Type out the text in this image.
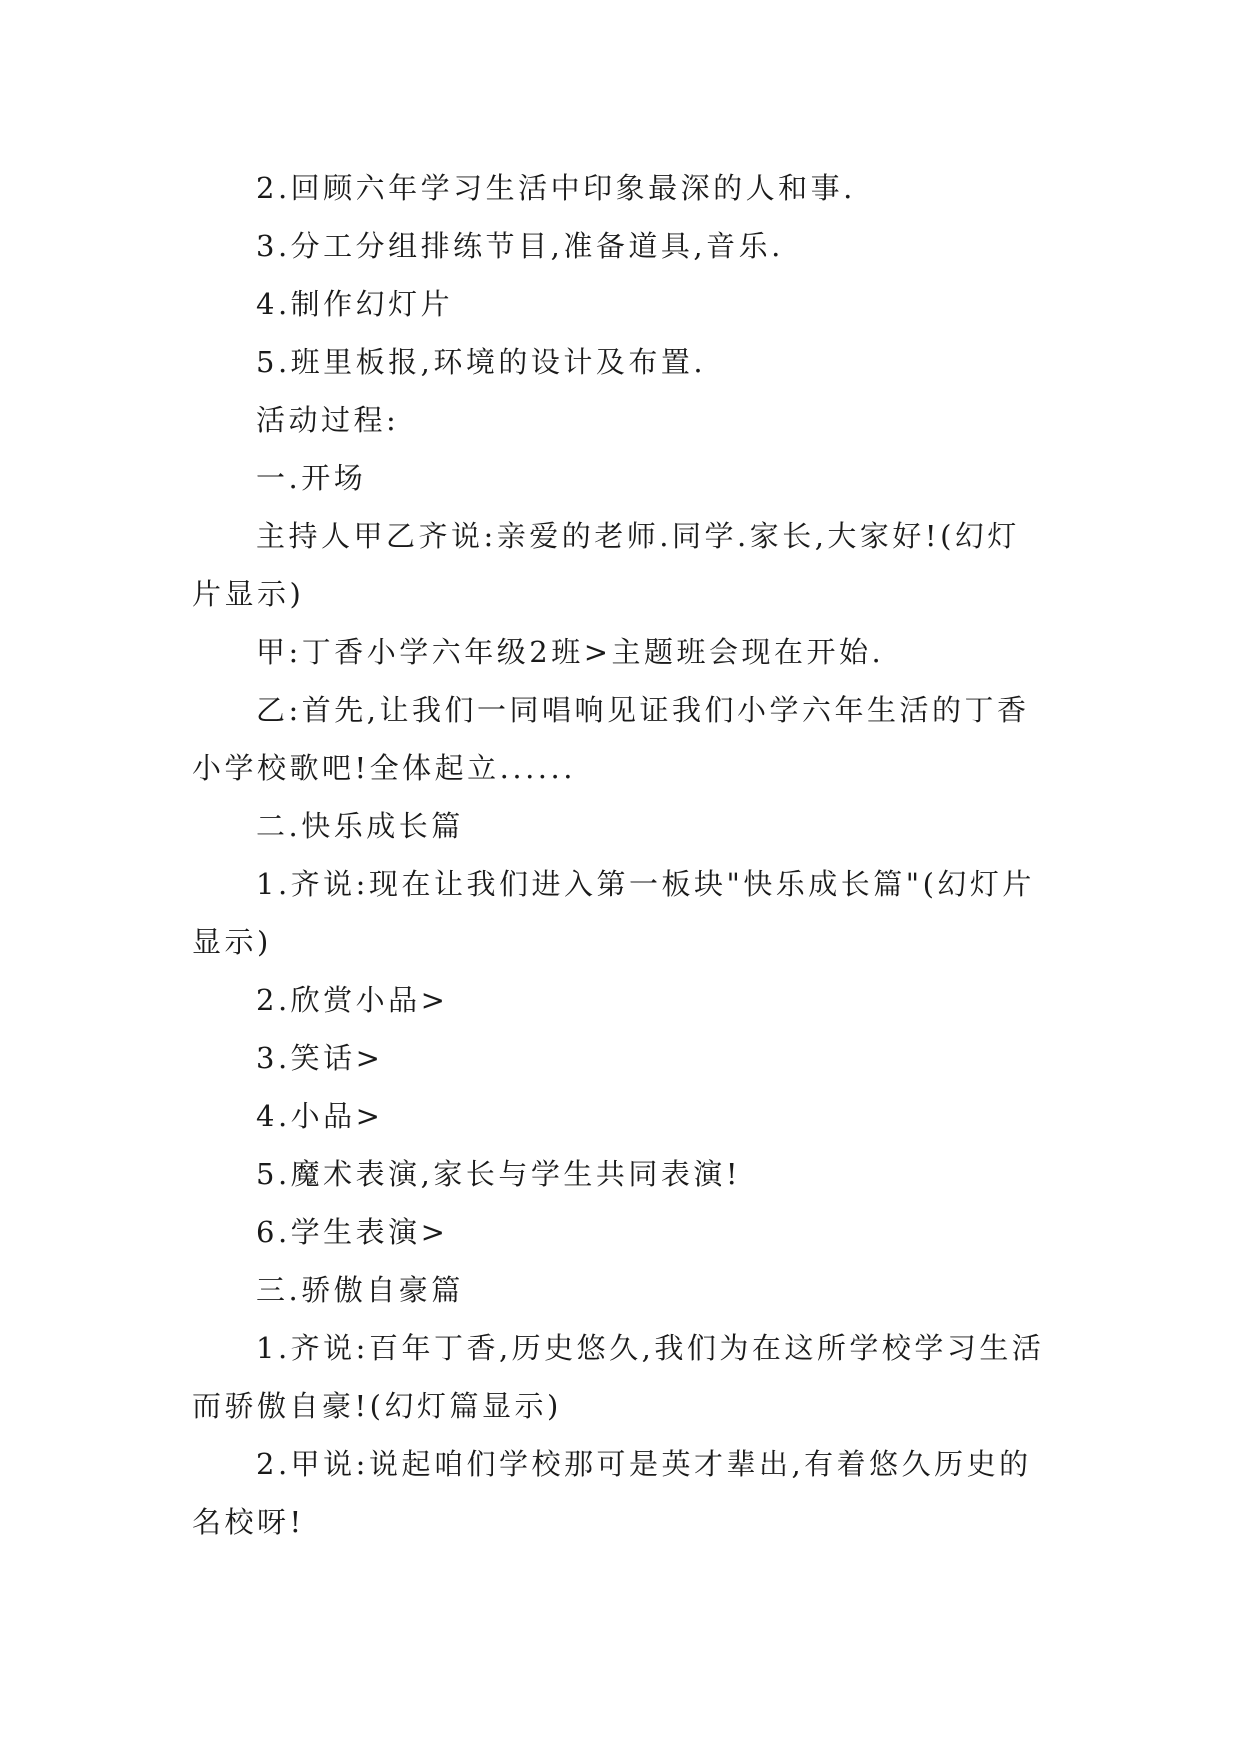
2.回顾六年学习生活中印象最深的人和事.

3.分工分组排练节目,准备道具,音乐.

4.制作幻灯片

5.班里板报,环境的设计及布置.

活动过程:

一.开场

主持人甲乙齐说:亲爱的老师.同学.家长,大家好!(幻灯片显示)

甲:丁香小学六年级2班>主题班会现在开始.

乙:首先,让我们一同唱响见证我们小学六年生活的丁香小学校歌吧!全体起立......

二.快乐成长篇

1.齐说:现在让我们进入第一板块"快乐成长篇"(幻灯片显示)

2.欣赏小品>

3.笑话>

4.小品>

5.魔术表演,家长与学生共同表演!

6.学生表演>

三.骄傲自豪篇

1.齐说:百年丁香,历史悠久,我们为在这所学校学习生活而骄傲自豪!(幻灯篇显示)

2.甲说:说起咱们学校那可是英才辈出,有着悠久历史的名校呀!
